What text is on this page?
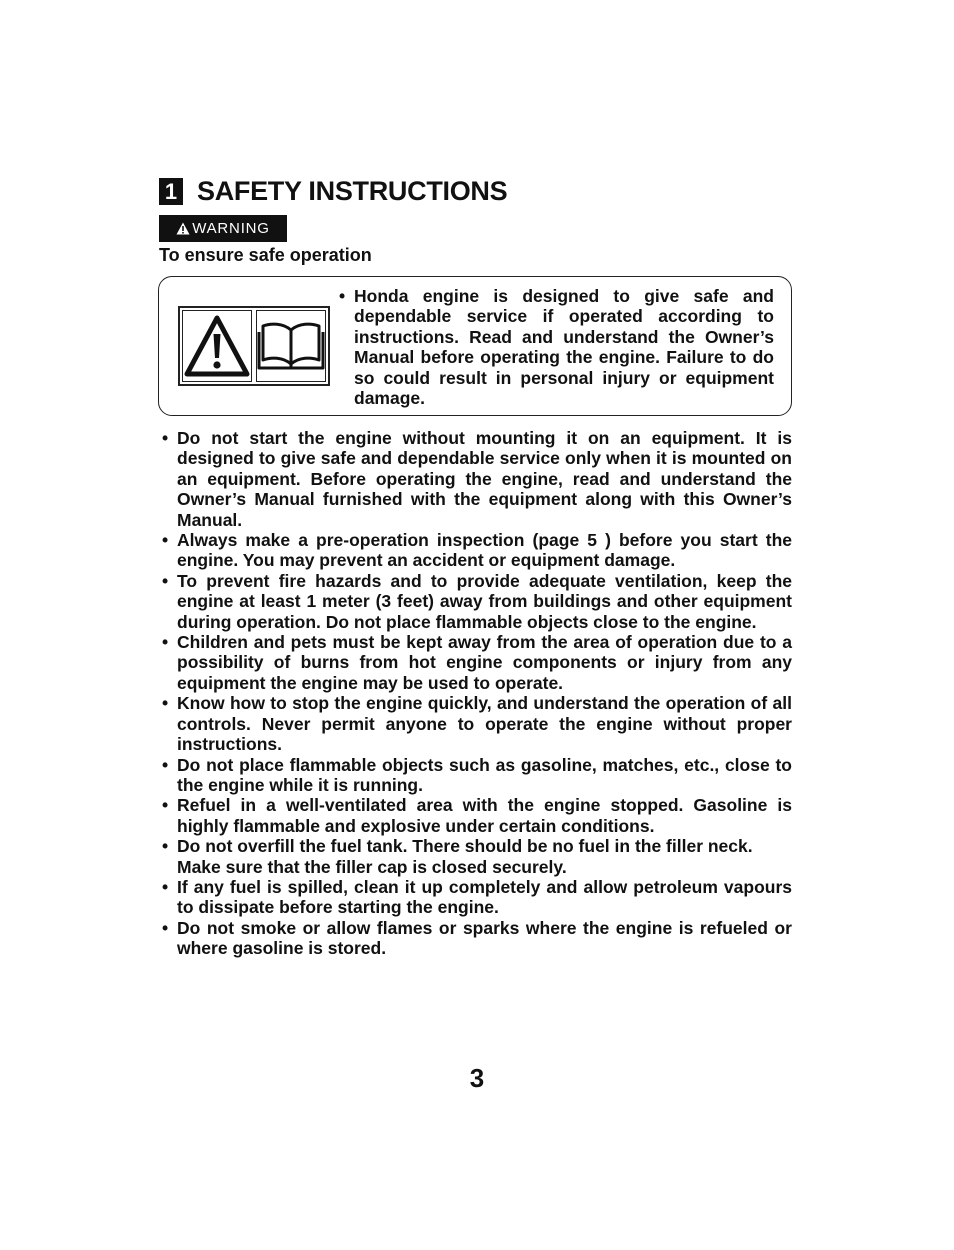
1 SAFETY INSTRUCTIONS
WARNING
To ensure safe operation
• Honda engine is designed to give safe and dependable service if operated according to instructions. Read and understand the Owner’s Manual before operating the engine. Failure to do so could result in personal injury or equipment damage.
• Do not start the engine without mounting it on an equipment. It is designed to give safe and dependable service only when it is mounted on an equipment. Before operating the engine, read and understand the Owner’s Manual furnished with the equipment along with this Owner’s Manual.
• Always make a pre-operation inspection (page 5 ) before you start the engine. You may prevent an accident or equipment damage.
• To prevent fire hazards and to provide adequate ventilation, keep the engine at least 1 meter (3 feet) away from buildings and other equipment during operation. Do not place flammable objects close to the engine.
• Children and pets must be kept away from the area of operation due to a possibility of burns from hot engine components or injury from any equipment the engine may be used to operate.
• Know how to stop the engine quickly, and understand the operation of all controls. Never permit anyone to operate the engine without proper instructions.
• Do not place flammable objects such as gasoline, matches, etc., close to the engine while it is running.
• Refuel in a well-ventilated area with the engine stopped. Gasoline is highly flammable and explosive under certain conditions.
• Do not overfill the fuel tank. There should be no fuel in the filler neck.

Make sure that the filler cap is closed securely.

• If any fuel is spilled, clean it up completely and allow petroleum vapours to dissipate before starting the engine.
• Do not smoke or allow flames or sparks where the engine is refueled or where gasoline is stored.
3
